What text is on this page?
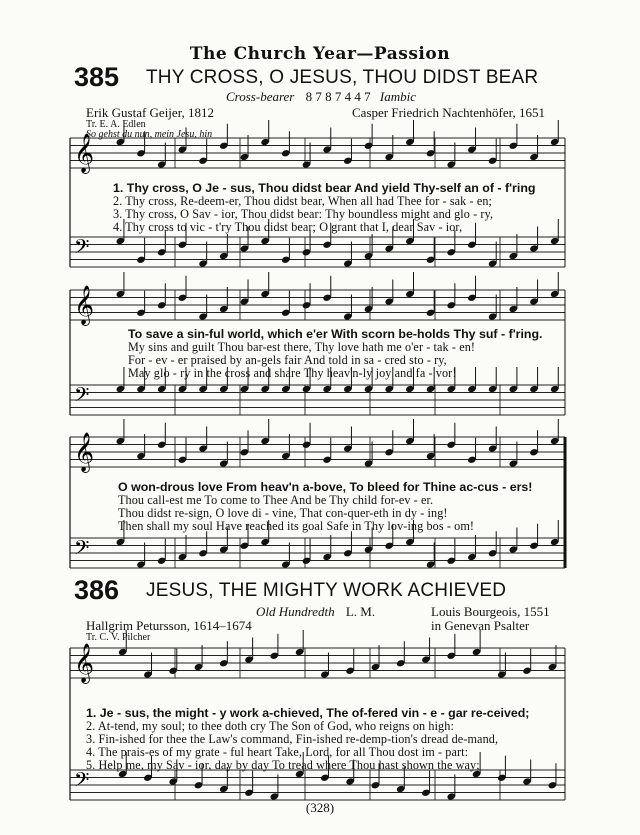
The Church Year—Passion
385 THY CROSS, O JESUS, THOU DIDST BEAR
Cross-bearer 8 7 8 7 4 4 7 Iambic
Erik Gustaf Geijer, 1812	Casper Friedrich Nachtenhöfer, 1651
Tr. E. A. Edlen
So gehst du nun, mein Jesu, hin
1. Thy cross, O Je - sus, Thou didst bear And yield Thy-self an of - f'ring
2. Thy cross, Re-deem-er, Thou didst bear, When all had Thee for - sak - en;
3. Thy cross, O Sav - ior, Thou didst bear: Thy boundless might and glo - ry,
4. Thy cross to vic - t'ry Thou didst bear; O grant that I, dear Sav - ior,
To save a sin-ful world, which e'er With scorn be-holds Thy suf - f'ring.
My sins and guilt Thou bar-est there, Thy love hath me o'er - tak - en!
For - ev - er praised by an-gels fair And told in sa - cred sto - ry,
May glo - ry in the cross and share Thy heav'n-ly joy and fa - vor!
O won-drous love From heav'n a-bove, To bleed for Thine ac-cus - ers!
Thou call-est me To come to Thee And be Thy child for-ev - er.
Thou didst re-sign, O love di - vine, That con-quer-eth in dy - ing!
Then shall my soul Have reached its goal Safe in Thy lov-ing bos - om!
386 JESUS, THE MIGHTY WORK ACHIEVED
Old Hundredth L. M.	Louis Bourgeois, 1551
Hallgrim Petursson, 1614–1674	in Genevan Psalter
Tr. C. V. Pilcher
1. Je - sus, the might - y work a-chieved, The of-fered vin - e - gar re-ceived;
2. At-tend, my soul; to thee doth cry The Son of God, who reigns on high:
3. Fin-ished for thee the Law's command, Fin-ished re-demp-tion's dread de-mand,
4. The prais-es of my grate - ful heart Take, Lord, for all Thou dost im - part:
5. Help me, my Sav - ior, day by day To tread where Thou hast shown the way;
(328)
𝄞
𝄢
𝄞
𝄢
𝄞
𝄢
𝄞
𝄢
